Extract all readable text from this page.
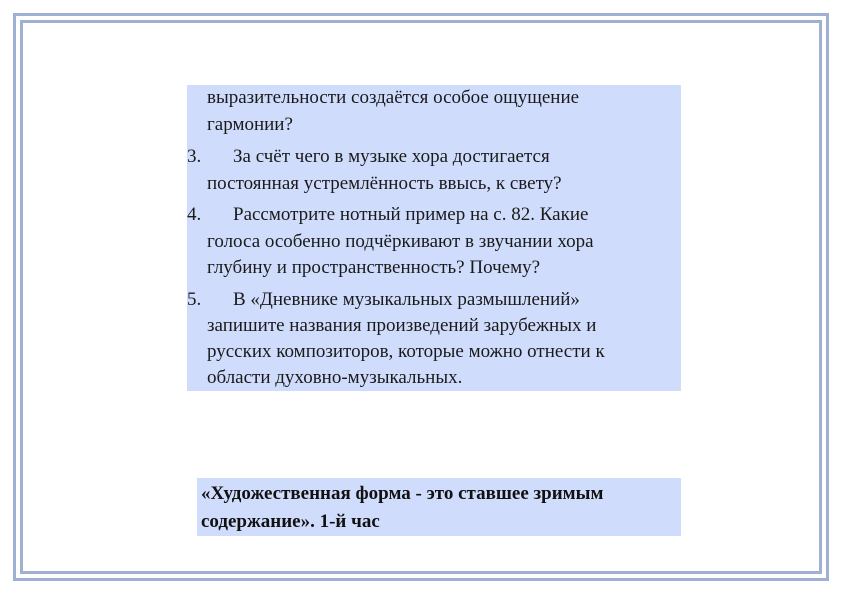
выразительности создаётся особое ощущение
гармонии?
3. За счёт чего в музыке хора достигается
постоянная устремлённость ввысь, к свету?
4. Рассмотрите нотный пример на с. 82. Какие
голоса особенно подчёркивают в звучании хора
глубину и пространственность? Почему?
5. В «Дневнике музыкальных размышлений»
запишите названия произведений зарубежных и
русских композиторов, которые можно отнести к
области духовно-музыкальных.
«Художественная форма - это ставшее зримым
содержание». 1-й час
